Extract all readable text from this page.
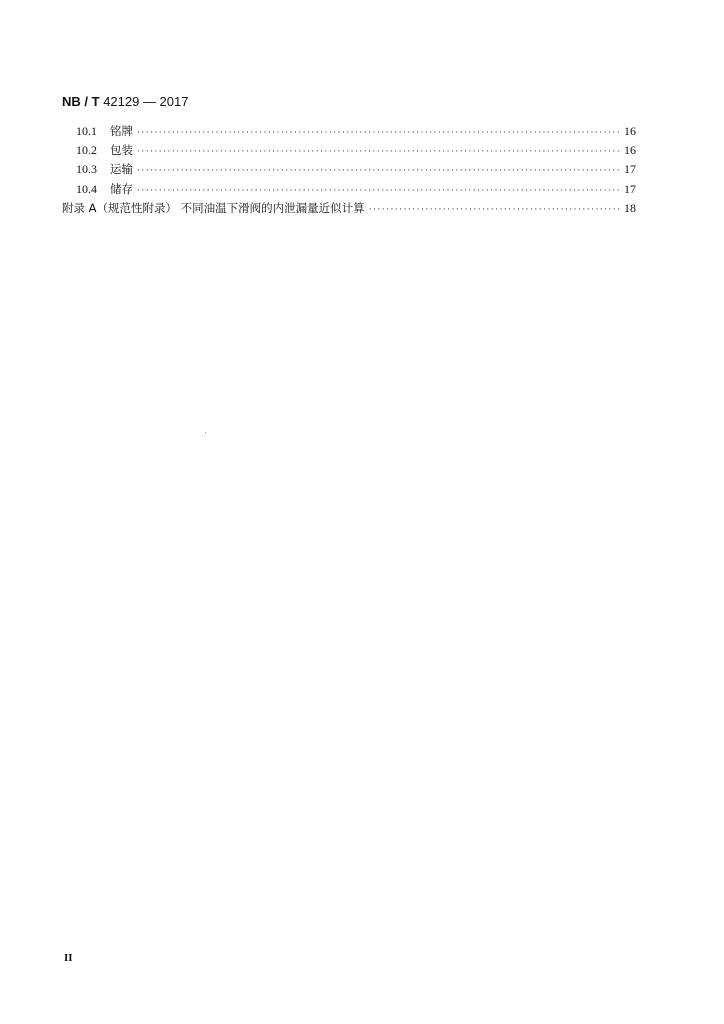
NB / T 42129 — 2017
10.1	铭牌 ·····	16
10.2	包装 ·····	16
10.3	运输 ·····	17
10.4	储存 ·····	17
附录 A（规范性附录） 不同油温下滑阀的内泄漏量近似计算 ·····	18
II
